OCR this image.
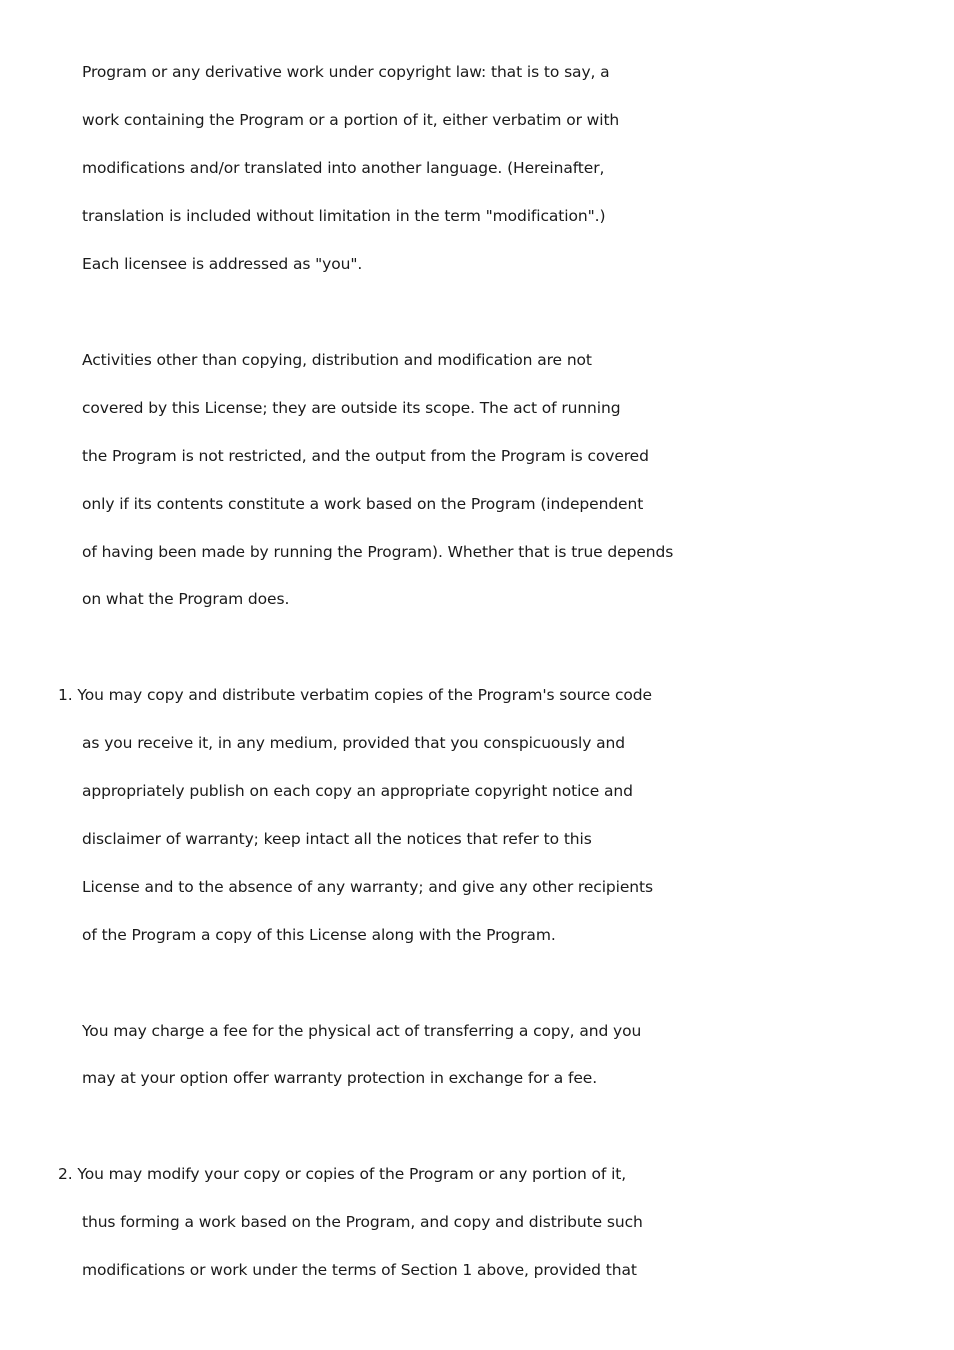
Program or any derivative work under copyright law: that is to say, a
work containing the Program or a portion of it, either verbatim or with
modifications and/or translated into another language. (Hereinafter,
translation is included without limitation in the term "modification".)
Each licensee is addressed as "you".
Activities other than copying, distribution and modification are not
covered by this License; they are outside its scope. The act of running
the Program is not restricted, and the output from the Program is covered
only if its contents constitute a work based on the Program (independent
of having been made by running the Program). Whether that is true depends
on what the Program does.
1. You may copy and distribute verbatim copies of the Program's source code
as you receive it, in any medium, provided that you conspicuously and
appropriately publish on each copy an appropriate copyright notice and
disclaimer of warranty; keep intact all the notices that refer to this
License and to the absence of any warranty; and give any other recipients
of the Program a copy of this License along with the Program.
You may charge a fee for the physical act of transferring a copy, and you
may at your option offer warranty protection in exchange for a fee.
2. You may modify your copy or copies of the Program or any portion of it,
thus forming a work based on the Program, and copy and distribute such
modifications or work under the terms of Section 1 above, provided that
